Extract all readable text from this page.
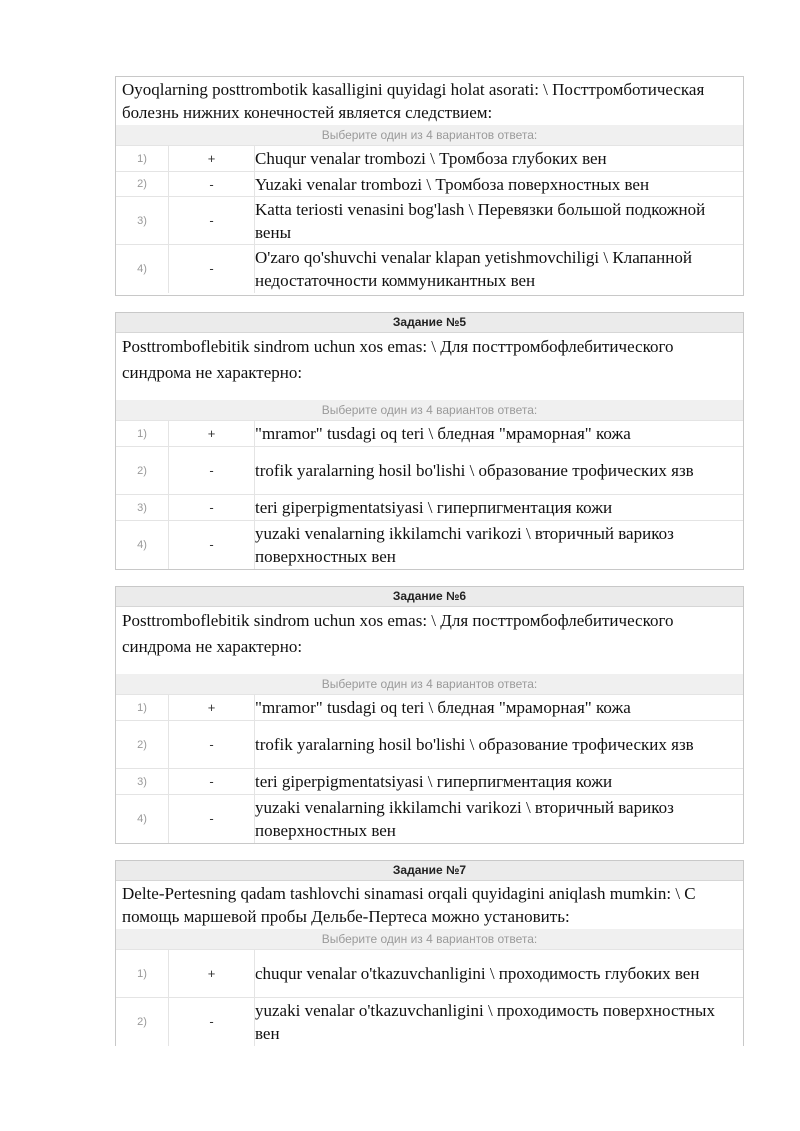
Oyoqlarning posttrombotik kasalligini quyidagi holat asorati: \ Посттромботическая болезнь нижних конечностей является следствием:
Выберите один из 4 вариантов ответа:
1)	+	Chuqur venalar trombozi \ Тромбоза глубоких вен
2)	-	Yuzaki venalar trombozi \ Тромбоза поверхностных вен
3)	-	Katta teriosti venasini bog'lash \ Перевязки большой подкожной вены
4)	-	O'zaro qo'shuvchi venalar klapan yetishmovchiligi \ Клапанной недостаточности коммуникантных вен
Задание №5
Posttromboflebitik sindrom uchun xos emas: \ Для посттромбофлебитического синдрома не характерно:
Выберите один из 4 вариантов ответа:
1)	+	"mramor" tusdagi oq teri \ бледная "мраморная" кожа
2)	-	trofik yaralarning hosil bo'lishi \ образование трофических язв
3)	-	teri giperpigmentatsiyasi \ гиперпигментация кожи
4)	-	yuzaki venalarning ikkilamchi varikozi \ вторичный варикоз поверхностных вен
Задание №6
Posttromboflebitik sindrom uchun xos emas: \ Для посттромбофлебитического синдрома не характерно:
Выберите один из 4 вариантов ответа:
1)	+	"mramor" tusdagi oq teri \ бледная "мраморная" кожа
2)	-	trofik yaralarning hosil bo'lishi \ образование трофических язв
3)	-	teri giperpigmentatsiyasi \ гиперпигментация кожи
4)	-	yuzaki venalarning ikkilamchi varikozi \ вторичный варикоз поверхностных вен
Задание №7
Delte-Pertesning qadam tashlovchi sinamasi orqali quyidagini aniqlash mumkin: \ С помощь маршевой пробы Дельбе-Пертеса можно установить:
Выберите один из 4 вариантов ответа:
1)	+	chuqur venalar o'tkazuvchanligini \ проходимость глубоких вен
2)	-	yuzaki venalar o'tkazuvchanligini \ проходимость поверхностных вен
